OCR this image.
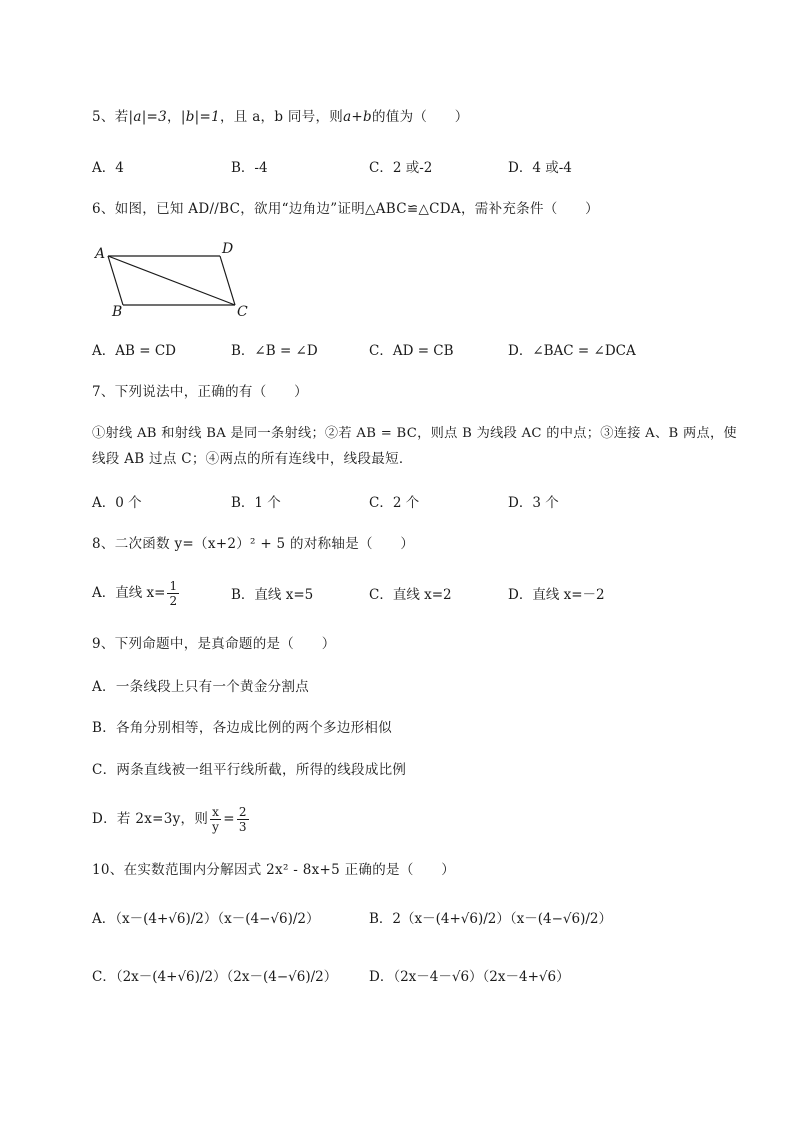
5、若|a|=3，|b|=1，且 a，b 同号，则a+b的值为（　　）
A．4	B．-4	C．2 或-2	D．4 或-4
6、如图，已知 AD//BC，欲用“边角边”证明△ABC≌△CDA，需补充条件（　　）
A	D
B	C
A．AB = CD	B．∠B = ∠D	C．AD = CB	D．∠BAC = ∠DCA
7、下列说法中，正确的有（　　）
①射线 AB 和射线 BA 是同一条射线；②若 AB = BC，则点 B 为线段 AC 的中点；③连接 A、B 两点，使
线段 AB 过点 C；④两点的所有连线中，线段最短．
A．0 个	B．1 个	C．2 个	D．3 个
8、二次函数 y=（x+2）² + 5 的对称轴是（　　）
A．直线 $x= \frac{1}{2}$	B．直线 x=5	C．直线 x=2	D．直线 x=－2
9、下列命题中，是真命题的是（　　）
A．一条线段上只有一个黄金分割点
B．各角分别相等，各边成比例的两个多边形相似
C．两条直线被一组平行线所截，所得的线段成比例
D．若 2x=3y，则 $\frac{x}{y} = \frac{2}{3}$
10、在实数范围内分解因式 2x² - 8x+5 正确的是（　　）
A．（x－(4+√6)/2）（x－(4−√6)/2）	B．2（x－(4+√6)/2）（x－(4−√6)/2）
C．（2x－(4+√6)/2）（2x－(4−√6)/2） D．（2x－4－√6）（2x－4+√6）
